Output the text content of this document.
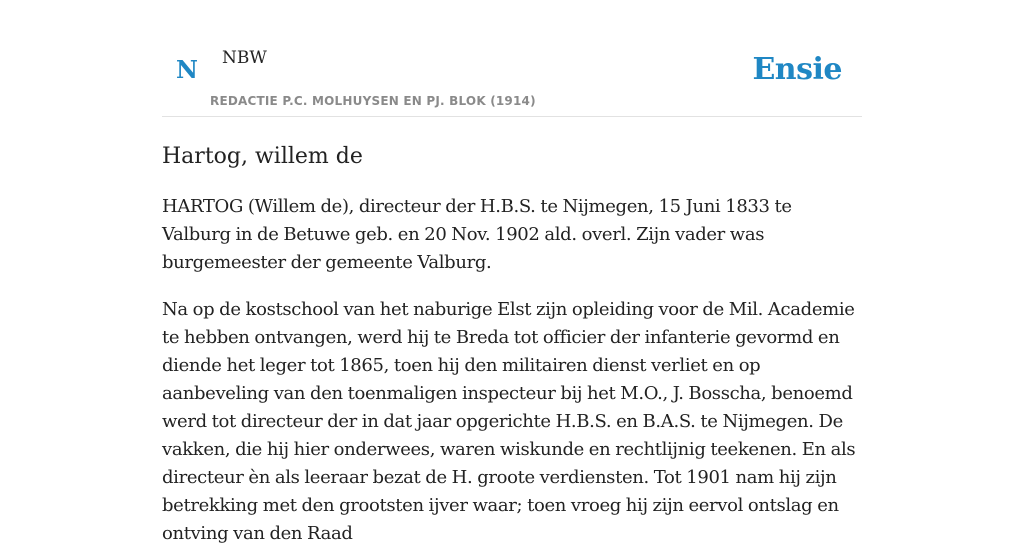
N NBW
REDACTIE P.C. MOLHUYSEN EN PJ. BLOK (1914)
Ensie
Hartog, willem de

HARTOG (Willem de), directeur der H.B.S. te Nijmegen, 15 Juni 1833 te Valburg in de Betuwe geb. en 20 Nov. 1902 ald. overl. Zijn vader was burgemeester der gemeente Valburg.

Na op de kostschool van het naburige Elst zijn opleiding voor de Mil. Academie te hebben ontvangen, werd hij te Breda tot officier der infanterie gevormd en diende het leger tot 1865, toen hij den militairen dienst verliet en op aanbeveling van den toenmaligen inspecteur bij het M.O., J. Bosscha, benoemd werd tot directeur der in dat jaar opgerichte H.B.S. en B.A.S. te Nijmegen. De vakken, die hij hier onderwees, waren wiskunde en rechtlijnig teekenen. En als directeur èn als leeraar bezat de H. groote verdiensten. Tot 1901 nam hij zijn betrekking met den grootsten ijver waar; toen vroeg hij zijn eervol ontslag en ontving van den Raad
